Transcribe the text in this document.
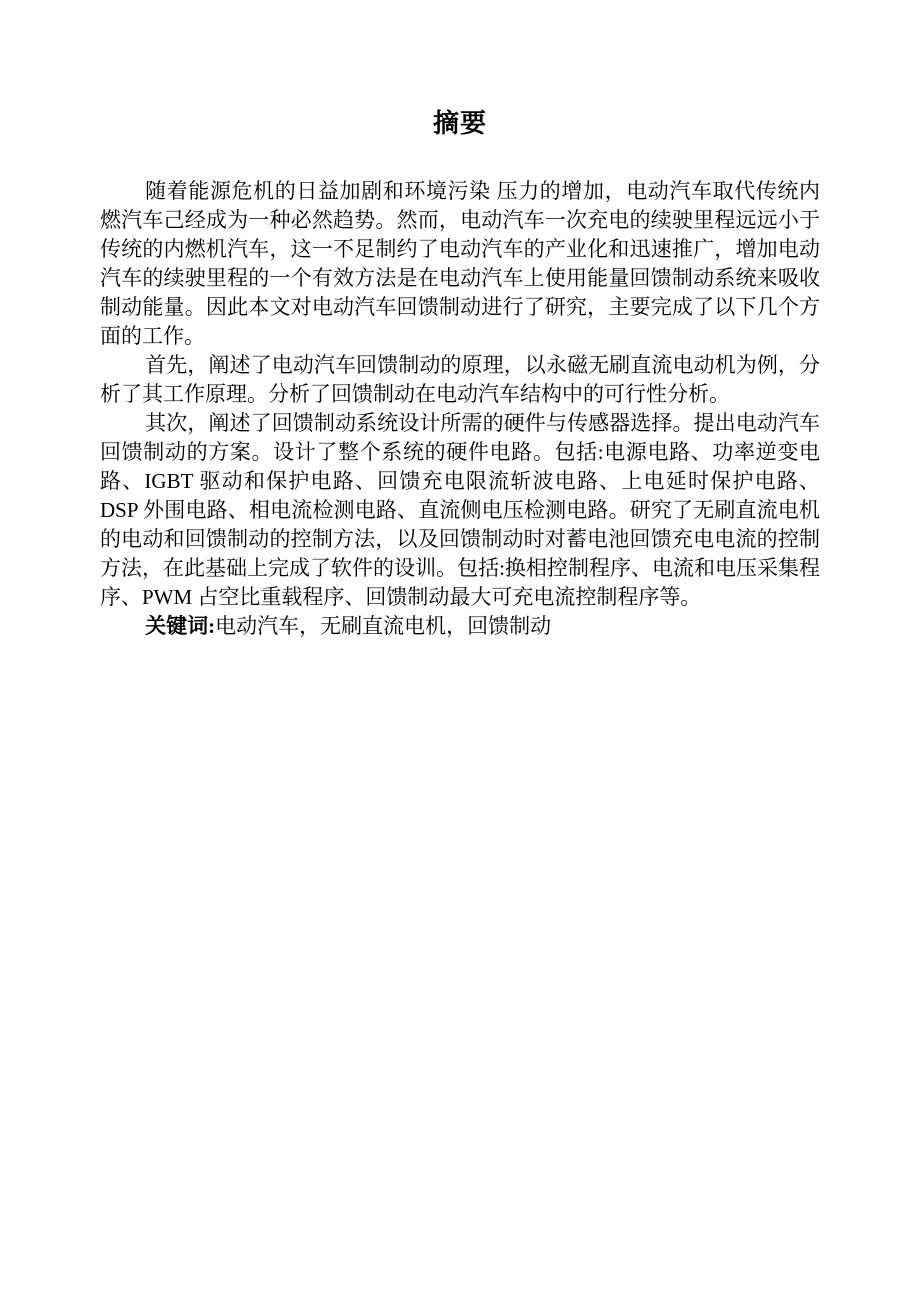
摘要

随着能源危机的日益加剧和环境污染 压力的增加，电动汽车取代传统内燃汽车己经成为一种必然趋势。然而，电动汽车一次充电的续驶里程远远小于传统的内燃机汽车，这一不足制约了电动汽车的产业化和迅速推广，增加电动汽车的续驶里程的一个有效方法是在电动汽车上使用能量回馈制动系统来吸收制动能量。因此本文对电动汽车回馈制动进行了研究，主要完成了以下几个方面的工作。

首先，阐述了电动汽车回馈制动的原理，以永磁无刷直流电动机为例，分析了其工作原理。分析了回馈制动在电动汽车结构中的可行性分析。

其次，阐述了回馈制动系统设计所需的硬件与传感器选择。提出电动汽车回馈制动的方案。设计了整个系统的硬件电路。包括:电源电路、功率逆变电路、IGBT 驱动和保护电路、回馈充电限流斩波电路、上电延时保护电路、DSP 外围电路、相电流检测电路、直流侧电压检测电路。研究了无刷直流电机的电动和回馈制动的控制方法，以及回馈制动时对蓄电池回馈充电电流的控制方法，在此基础上完成了软件的设训。包括:换相控制程序、电流和电压采集程序、PWM 占空比重载程序、回馈制动最大可充电流控制程序等。

关键词:电动汽车，无刷直流电机，回馈制动
